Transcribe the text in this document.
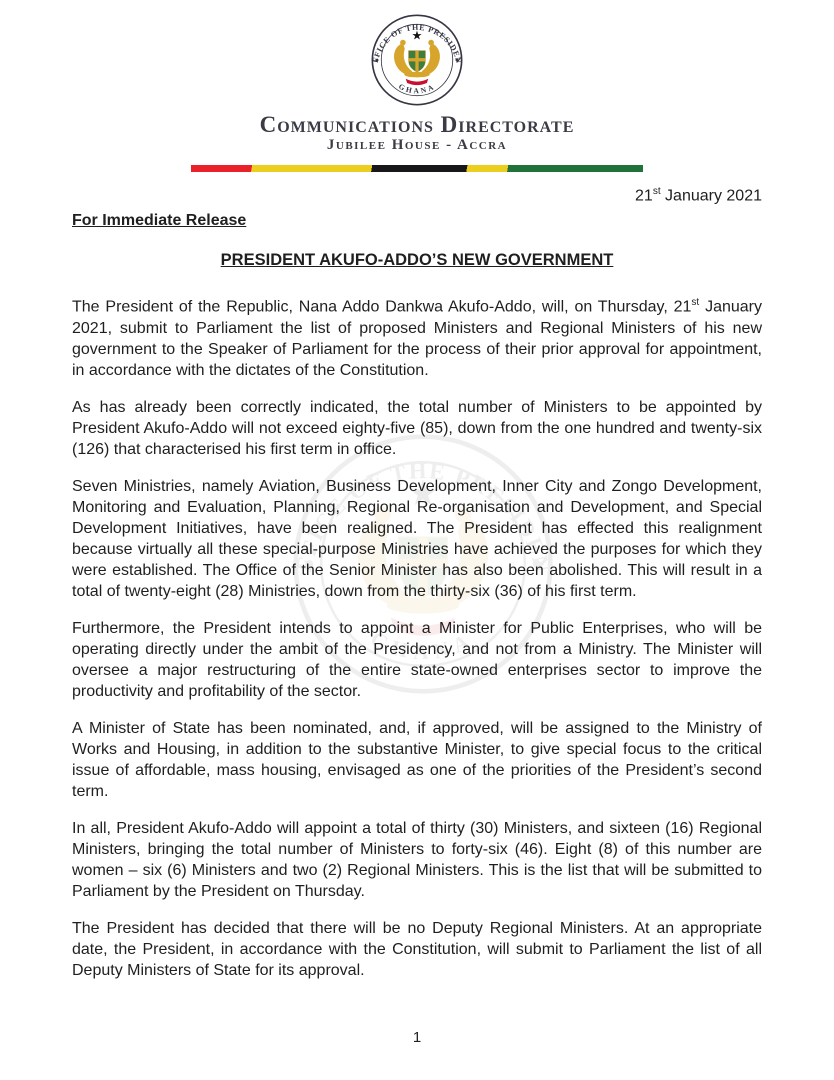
Communications Directorate
Jubilee House - Accra

21st January 2021

For Immediate Release

PRESIDENT AKUFO-ADDO’S NEW GOVERNMENT

The President of the Republic, Nana Addo Dankwa Akufo-Addo, will, on Thursday, 21st January 2021, submit to Parliament the list of proposed Ministers and Regional Ministers of his new government to the Speaker of Parliament for the process of their prior approval for appointment, in accordance with the dictates of the Constitution.

As has already been correctly indicated, the total number of Ministers to be appointed by President Akufo-Addo will not exceed eighty-five (85), down from the one hundred and twenty-six (126) that characterised his first term in office.

Seven Ministries, namely Aviation, Business Development, Inner City and Zongo Development, Monitoring and Evaluation, Planning, Regional Re-organisation and Development, and Special Development Initiatives, have been realigned. The President has effected this realignment because virtually all these special-purpose Ministries have achieved the purposes for which they were established. The Office of the Senior Minister has also been abolished. This will result in a total of twenty-eight (28) Ministries, down from the thirty-six (36) of his first term.

Furthermore, the President intends to appoint a Minister for Public Enterprises, who will be operating directly under the ambit of the Presidency, and not from a Ministry. The Minister will oversee a major restructuring of the entire state-owned enterprises sector to improve the productivity and profitability of the sector.

A Minister of State has been nominated, and, if approved, will be assigned to the Ministry of Works and Housing, in addition to the substantive Minister, to give special focus to the critical issue of affordable, mass housing, envisaged as one of the priorities of the President’s second term.

In all, President Akufo-Addo will appoint a total of thirty (30) Ministers, and sixteen (16) Regional Ministers, bringing the total number of Ministers to forty-six (46). Eight (8) of this number are women – six (6) Ministers and two (2) Regional Ministers. This is the list that will be submitted to Parliament by the President on Thursday.

The President has decided that there will be no Deputy Regional Ministers. At an appropriate date, the President, in accordance with the Constitution, will submit to Parliament the list of all Deputy Ministers of State for its approval.

1
